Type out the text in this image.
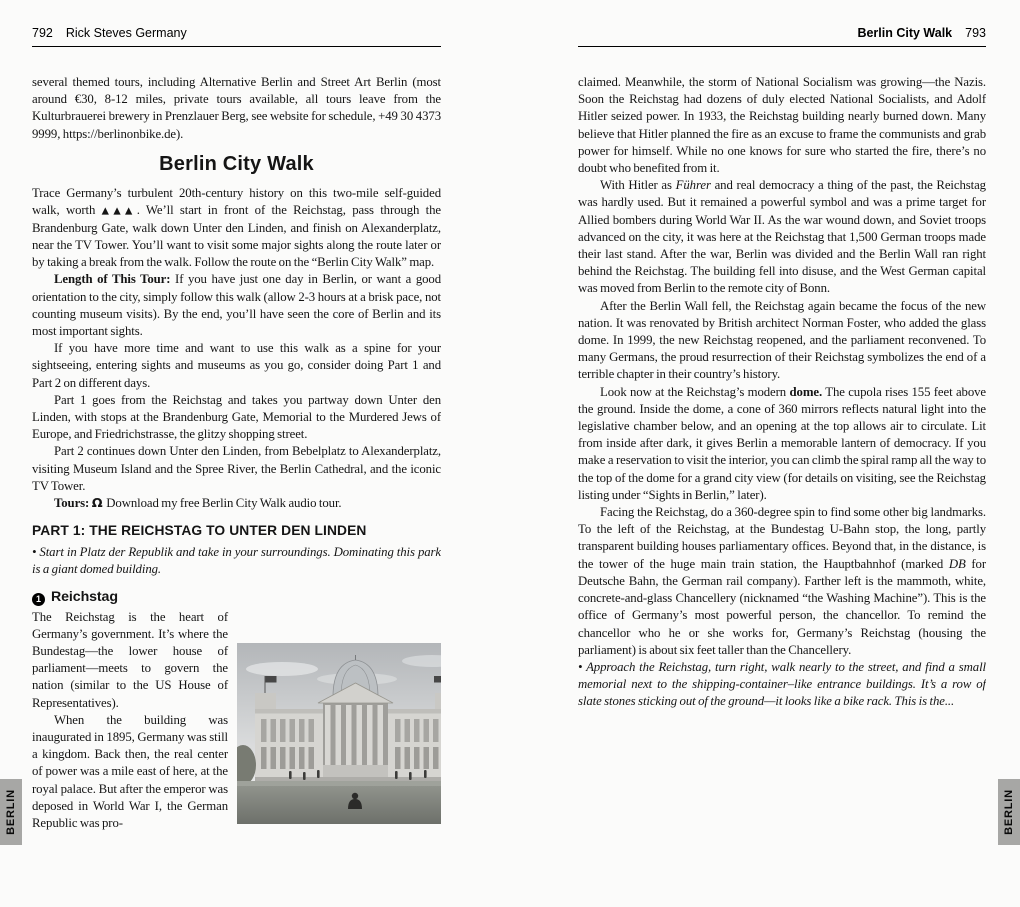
792 Rick Steves Germany
several themed tours, including Alternative Berlin and Street Art Berlin (most around €30, 8-12 miles, private tours available, all tours leave from the Kulturbrauerei brewery in Prenzlauer Berg, see website for schedule, +49 30 4373 9999, https://berlinonbike.de).
Berlin City Walk
Trace Germany’s turbulent 20th-century history on this two-mile self-guided walk, worth ▲▲▲. We’ll start in front of the Reichstag, pass through the Brandenburg Gate, walk down Unter den Linden, and finish on Alexanderplatz, near the TV Tower. You’ll want to visit some major sights along the route later or by taking a break from the walk. Follow the route on the “Berlin City Walk” map.
Length of This Tour: If you have just one day in Berlin, or want a good orientation to the city, simply follow this walk (allow 2-3 hours at a brisk pace, not counting museum visits). By the end, you’ll have seen the core of Berlin and its most important sights.
If you have more time and want to use this walk as a spine for your sightseeing, entering sights and museums as you go, consider doing Part 1 and Part 2 on different days.
Part 1 goes from the Reichstag and takes you partway down Unter den Linden, with stops at the Brandenburg Gate, Memorial to the Murdered Jews of Europe, and Friedrichstrasse, the glitzy shopping street.
Part 2 continues down Unter den Linden, from Bebelplatz to Alexanderplatz, visiting Museum Island and the Spree River, the Berlin Cathedral, and the iconic TV Tower.
Tours: Ω Download my free Berlin City Walk audio tour.
PART 1: THE REICHSTAG TO UNTER DEN LINDEN
• Start in Platz der Republik and take in your surroundings. Dominating this park is a giant domed building.
1 Reichstag
The Reichstag is the heart of Germany’s government. It’s where the Bundestag—the lower house of parliament—meets to govern the nation (similar to the US House of Representatives).
When the building was inaugurated in 1895, Germany was still a kingdom. Back then, the real center of power was a mile east of here, at the royal palace. But after the emperor was deposed in World War I, the German Republic was pro-
Berlin City Walk 793
claimed. Meanwhile, the storm of National Socialism was growing—the Nazis. Soon the Reichstag had dozens of duly elected National Socialists, and Adolf Hitler seized power. In 1933, the Reichstag building nearly burned down. Many believe that Hitler planned the fire as an excuse to frame the communists and grab power for himself. While no one knows for sure who started the fire, there’s no doubt who benefited from it.
With Hitler as Führer and real democracy a thing of the past, the Reichstag was hardly used. But it remained a powerful symbol and was a prime target for Allied bombers during World War II. As the war wound down, and Soviet troops advanced on the city, it was here at the Reichstag that 1,500 German troops made their last stand. After the war, Berlin was divided and the Berlin Wall ran right behind the Reichstag. The building fell into disuse, and the West German capital was moved from Berlin to the remote city of Bonn.
After the Berlin Wall fell, the Reichstag again became the focus of the new nation. It was renovated by British architect Norman Foster, who added the glass dome. In 1999, the new Reichstag reopened, and the parliament reconvened. To many Germans, the proud resurrection of their Reichstag symbolizes the end of a terrible chapter in their country’s history.
Look now at the Reichstag’s modern dome. The cupola rises 155 feet above the ground. Inside the dome, a cone of 360 mirrors reflects natural light into the legislative chamber below, and an opening at the top allows air to circulate. Lit from inside after dark, it gives Berlin a memorable lantern of democracy. If you make a reservation to visit the interior, you can climb the spiral ramp all the way to the top of the dome for a grand city view (for details on visiting, see the Reichstag listing under “Sights in Berlin,” later).
Facing the Reichstag, do a 360-degree spin to find some other big landmarks. To the left of the Reichstag, at the Bundestag U-Bahn stop, the long, partly transparent building houses parliamentary offices. Beyond that, in the distance, is the tower of the huge main train station, the Hauptbahnhof (marked DB for Deutsche Bahn, the German rail company). Farther left is the mammoth, white, concrete-and-glass Chancellery (nicknamed “the Washing Machine”). This is the office of Germany’s most powerful person, the chancellor. To remind the chancellor who he or she works for, Germany’s Reichstag (housing the parliament) is about six feet taller than the Chancellery.
• Approach the Reichstag, turn right, walk nearly to the street, and find a small memorial next to the shipping-container–like entrance buildings. It’s a row of slate stones sticking out of the ground—it looks like a bike rack. This is the...
BERLIN	BERLIN
